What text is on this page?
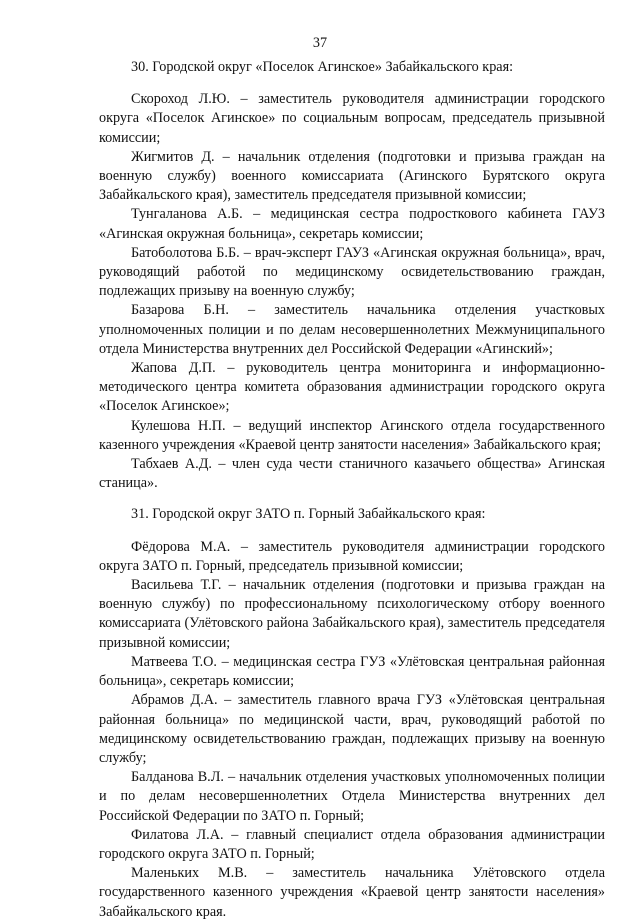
37

30. Городской округ «Поселок Агинское» Забайкальского края:

Скороход Л.Ю. – заместитель руководителя администрации городского округа «Поселок Агинское» по социальным вопросам, председатель призывной комиссии;

Жигмитов Д. – начальник отделения (подготовки и призыва граждан на военную службу) военного комиссариата (Агинского Бурятского округа Забайкальского края), заместитель председателя призывной комиссии;

Тунгаланова А.Б. – медицинская сестра подросткового кабинета ГАУЗ «Агинская окружная больница», секретарь комиссии;

Батоболотова Б.Б. – врач-эксперт ГАУЗ «Агинская окружная больница», врач, руководящий работой по медицинскому освидетельствованию граждан, подлежащих призыву на военную службу;

Базарова Б.Н. – заместитель начальника отделения участковых уполномоченных полиции и по делам несовершеннолетних Межмуниципального отдела Министерства внутренних дел Российской Федерации «Агинский»;

Жапова Д.П. – руководитель центра мониторинга и информационно-методического центра комитета образования администрации городского округа «Поселок Агинское»;

Кулешова Н.П. – ведущий инспектор Агинского отдела государственного казенного учреждения «Краевой центр занятости населения» Забайкальского края;

Табхаев А.Д. – член суда чести станичного казачьего общества» Агинская станица».

31. Городской округ ЗАТО п. Горный Забайкальского края:

Фёдорова М.А. – заместитель руководителя администрации городского округа ЗАТО п. Горный, председатель призывной комиссии;

Васильева Т.Г. – начальник отделения (подготовки и призыва граждан на военную службу) по профессиональному психологическому отбору военного комиссариата (Улётовского района Забайкальского края), заместитель председателя призывной комиссии;

Матвеева Т.О. – медицинская сестра ГУЗ «Улётовская центральная районная больница», секретарь комиссии;

Абрамов Д.А. – заместитель главного врача ГУЗ «Улётовская центральная районная больница» по медицинской части, врач, руководящий работой по медицинскому освидетельствованию граждан, подлежащих призыву на военную службу;

Балданова В.Л. – начальник отделения участковых уполномоченных полиции и по делам несовершеннолетних Отдела Министерства внутренних дел Российской Федерации по ЗАТО п. Горный;

Филатова Л.А. – главный специалист отдела образования администрации городского округа ЗАТО п. Горный;

Маленьких М.В. – заместитель начальника Улётовского отдела государственного казенного учреждения «Краевой центр занятости населения» Забайкальского края.
